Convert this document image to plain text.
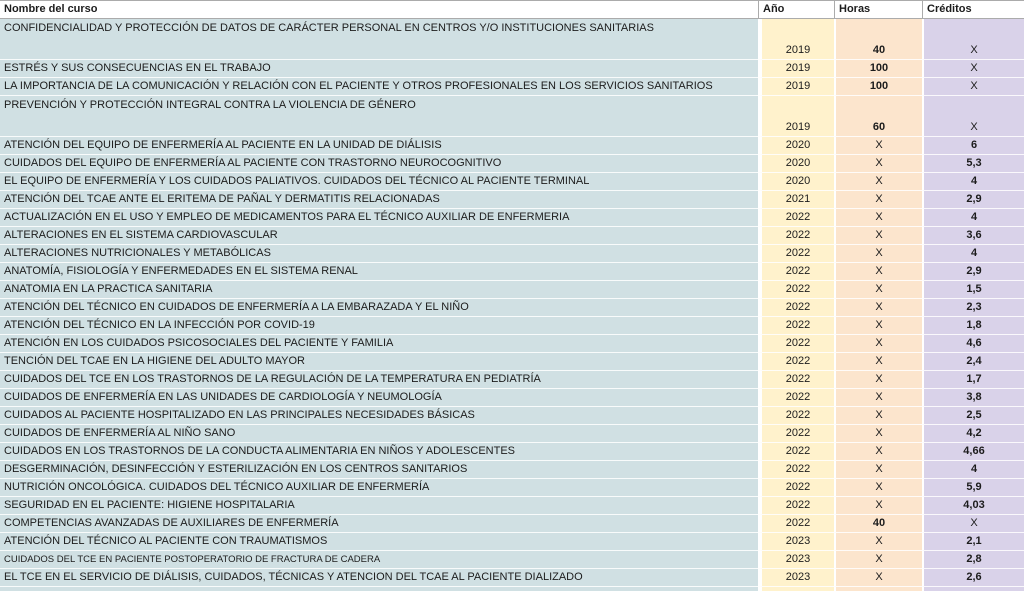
Nombre del curso	Año	Horas	Créditos
CONFIDENCIALIDAD Y PROTECCIÓN DE DATOS DE CARÁCTER PERSONAL EN CENTROS Y/O INSTITUCIONES SANITARIAS	2019	40	X
ESTRÉS Y SUS CONSECUENCIAS EN EL TRABAJO	2019	100	X
LA IMPORTANCIA DE LA COMUNICACIÓN Y RELACIÓN CON EL PACIENTE Y OTROS PROFESIONALES EN LOS SERVICIOS SANITARIOS	2019	100	X
PREVENCIÓN Y PROTECCIÓN INTEGRAL CONTRA LA VIOLENCIA DE GÉNERO	2019	60	X
ATENCIÓN DEL EQUIPO DE ENFERMERÍA AL PACIENTE EN LA UNIDAD DE DIÁLISIS	2020	X	6
CUIDADOS DEL EQUIPO DE ENFERMERÍA AL PACIENTE CON TRASTORNO NEUROCOGNITIVO	2020	X	5,3
EL EQUIPO DE ENFERMERÍA Y LOS CUIDADOS PALIATIVOS. CUIDADOS DEL TÉCNICO AL PACIENTE TERMINAL	2020	X	4
ATENCIÓN DEL TCAE ANTE EL ERITEMA DE PAÑAL Y DERMATITIS RELACIONADAS	2021	X	2,9
ACTUALIZACIÓN EN EL USO Y EMPLEO DE MEDICAMENTOS PARA EL TÉCNICO AUXILIAR DE ENFERMERIA	2022	X	4
ALTERACIONES EN EL SISTEMA CARDIOVASCULAR	2022	X	3,6
ALTERACIONES NUTRICIONALES Y METABÓLICAS	2022	X	4
ANATOMÍA, FISIOLOGÍA Y ENFERMEDADES EN EL SISTEMA RENAL	2022	X	2,9
ANATOMIA EN LA PRACTICA SANITARIA	2022	X	1,5
ATENCIÓN DEL TÉCNICO EN CUIDADOS DE ENFERMERÍA A LA EMBARAZADA Y EL NIÑO	2022	X	2,3
ATENCIÓN DEL TÉCNICO EN LA INFECCIÓN POR COVID-19	2022	X	1,8
ATENCIÓN EN LOS CUIDADOS PSICOSOCIALES DEL PACIENTE Y FAMILIA	2022	X	4,6
TENCIÓN DEL TCAE EN LA HIGIENE DEL ADULTO MAYOR	2022	X	2,4
CUIDADOS DEL TCE EN LOS TRASTORNOS DE LA REGULACIÓN DE LA TEMPERATURA EN PEDIATRÍA	2022	X	1,7
CUIDADOS DE ENFERMERÍA EN LAS UNIDADES DE CARDIOLOGÍA Y NEUMOLOGÍA	2022	X	3,8
CUIDADOS AL PACIENTE HOSPITALIZADO EN LAS PRINCIPALES NECESIDADES BÁSICAS	2022	X	2,5
CUIDADOS DE ENFERMERÍA AL NIÑO SANO	2022	X	4,2
CUIDADOS EN LOS TRASTORNOS DE LA CONDUCTA ALIMENTARIA EN NIÑOS Y ADOLESCENTES	2022	X	4,66
DESGERMINACIÓN, DESINFECCIÓN Y ESTERILIZACIÓN EN LOS CENTROS SANITARIOS	2022	X	4
NUTRICIÓN ONCOLÓGICA. CUIDADOS DEL TÉCNICO AUXILIAR DE ENFERMERÍA	2022	X	5,9
SEGURIDAD EN EL PACIENTE: HIGIENE HOSPITALARIA	2022	X	4,03
COMPETENCIAS AVANZADAS DE AUXILIARES DE ENFERMERÍA	2022	40	X
ATENCIÓN DEL TÉCNICO AL PACIENTE CON TRAUMATISMOS	2023	X	2,1
CUIDADOS DEL TCE EN PACIENTE POSTOPERATORIO DE FRACTURA DE CADERA	2023	X	2,8
EL TCE EN EL SERVICIO DE DIÁLISIS, CUIDADOS, TÉCNICAS Y ATENCION DEL TCAE AL PACIENTE DIALIZADO	2023	X	2,6
